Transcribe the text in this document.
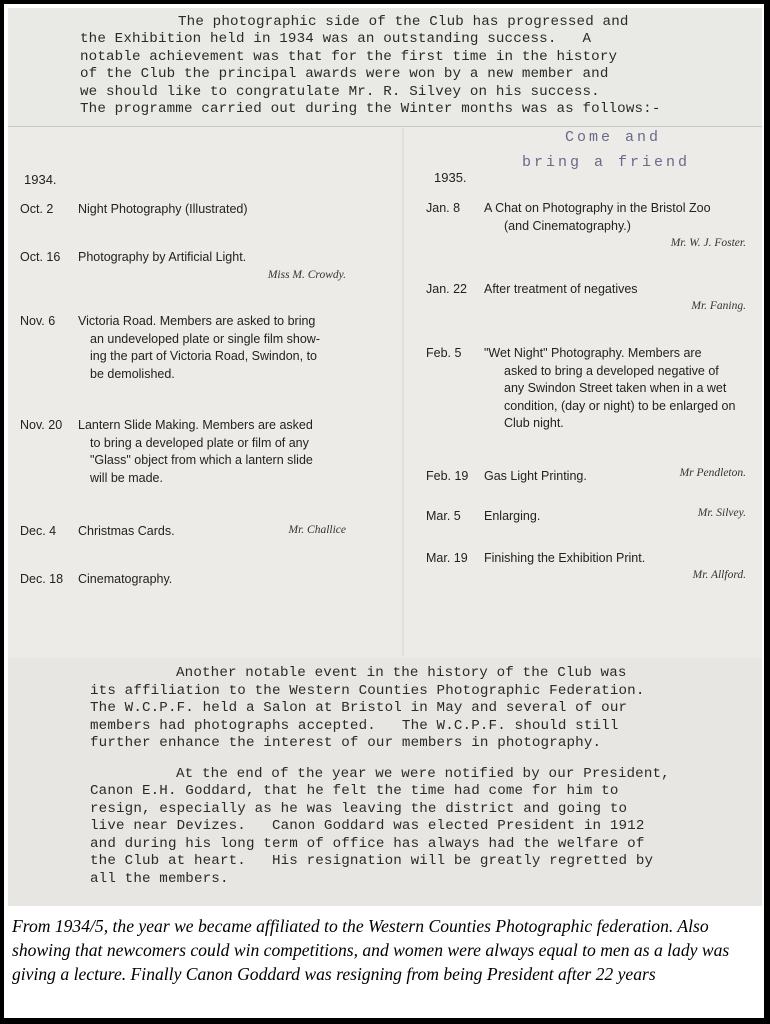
The photographic side of the Club has progressed and
the Exhibition held in 1934 was an outstanding success.   A
notable achievement was that for the first time in the history
of the Club the principal awards were won by a new member and
we should like to congratulate Mr. R. Silvey on his success.
The programme carried out during the Winter months was as follows:-
Come and
bring a friend
1934.	1935.
Oct. 2 Night Photography (Illustrated)
Oct. 16 Photography by Artificial Light.
Miss M. Crowdy.
Nov. 6 Victoria Road. Members are asked to bring
an undeveloped plate or single film show-
ing the part of Victoria Road, Swindon, to
be demolished.
Nov. 20 Lantern Slide Making. Members are asked
to bring a developed plate or film of any
"Glass" object from which a lantern slide
will be made.
Dec. 4 Christmas Cards.	Mr. Challice
Dec. 18 Cinematography.
Jan. 8 A Chat on Photography in the Bristol Zoo
(and Cinematography.)
Mr. W. J. Foster.
Jan. 22 After treatment of negatives
Mr. Faning.
Feb. 5 "Wet Night" Photography. Members are
asked to bring a developed negative of
any Swindon Street taken when in a wet
condition, (day or night) to be enlarged on
Club night.
Feb. 19 Gas Light Printing.	Mr Pendleton.
Mar. 5 Enlarging.	Mr. Silvey.
Mar. 19 Finishing the Exhibition Print.
Mr. Allford.
Another notable event in the history of the Club was
its affiliation to the Western Counties Photographic Federation.
The W.C.P.F. held a Salon at Bristol in May and several of our
members had photographs accepted.   The W.C.P.F. should still
further enhance the interest of our members in photography.
At the end of the year we were notified by our President,
Canon E.H. Goddard, that he felt the time had come for him to
resign, especially as he was leaving the district and going to
live near Devizes.   Canon Goddard was elected President in 1912
and during his long term of office has always had the welfare of
the Club at heart.   His resignation will be greatly regretted by
all the members.
From 1934/5, the year we became affiliated to the Western Counties Photographic federation. Also showing that newcomers could win competitions, and women were always equal to men as a lady was giving a lecture. Finally Canon Goddard was resigning from being President after 22 years
